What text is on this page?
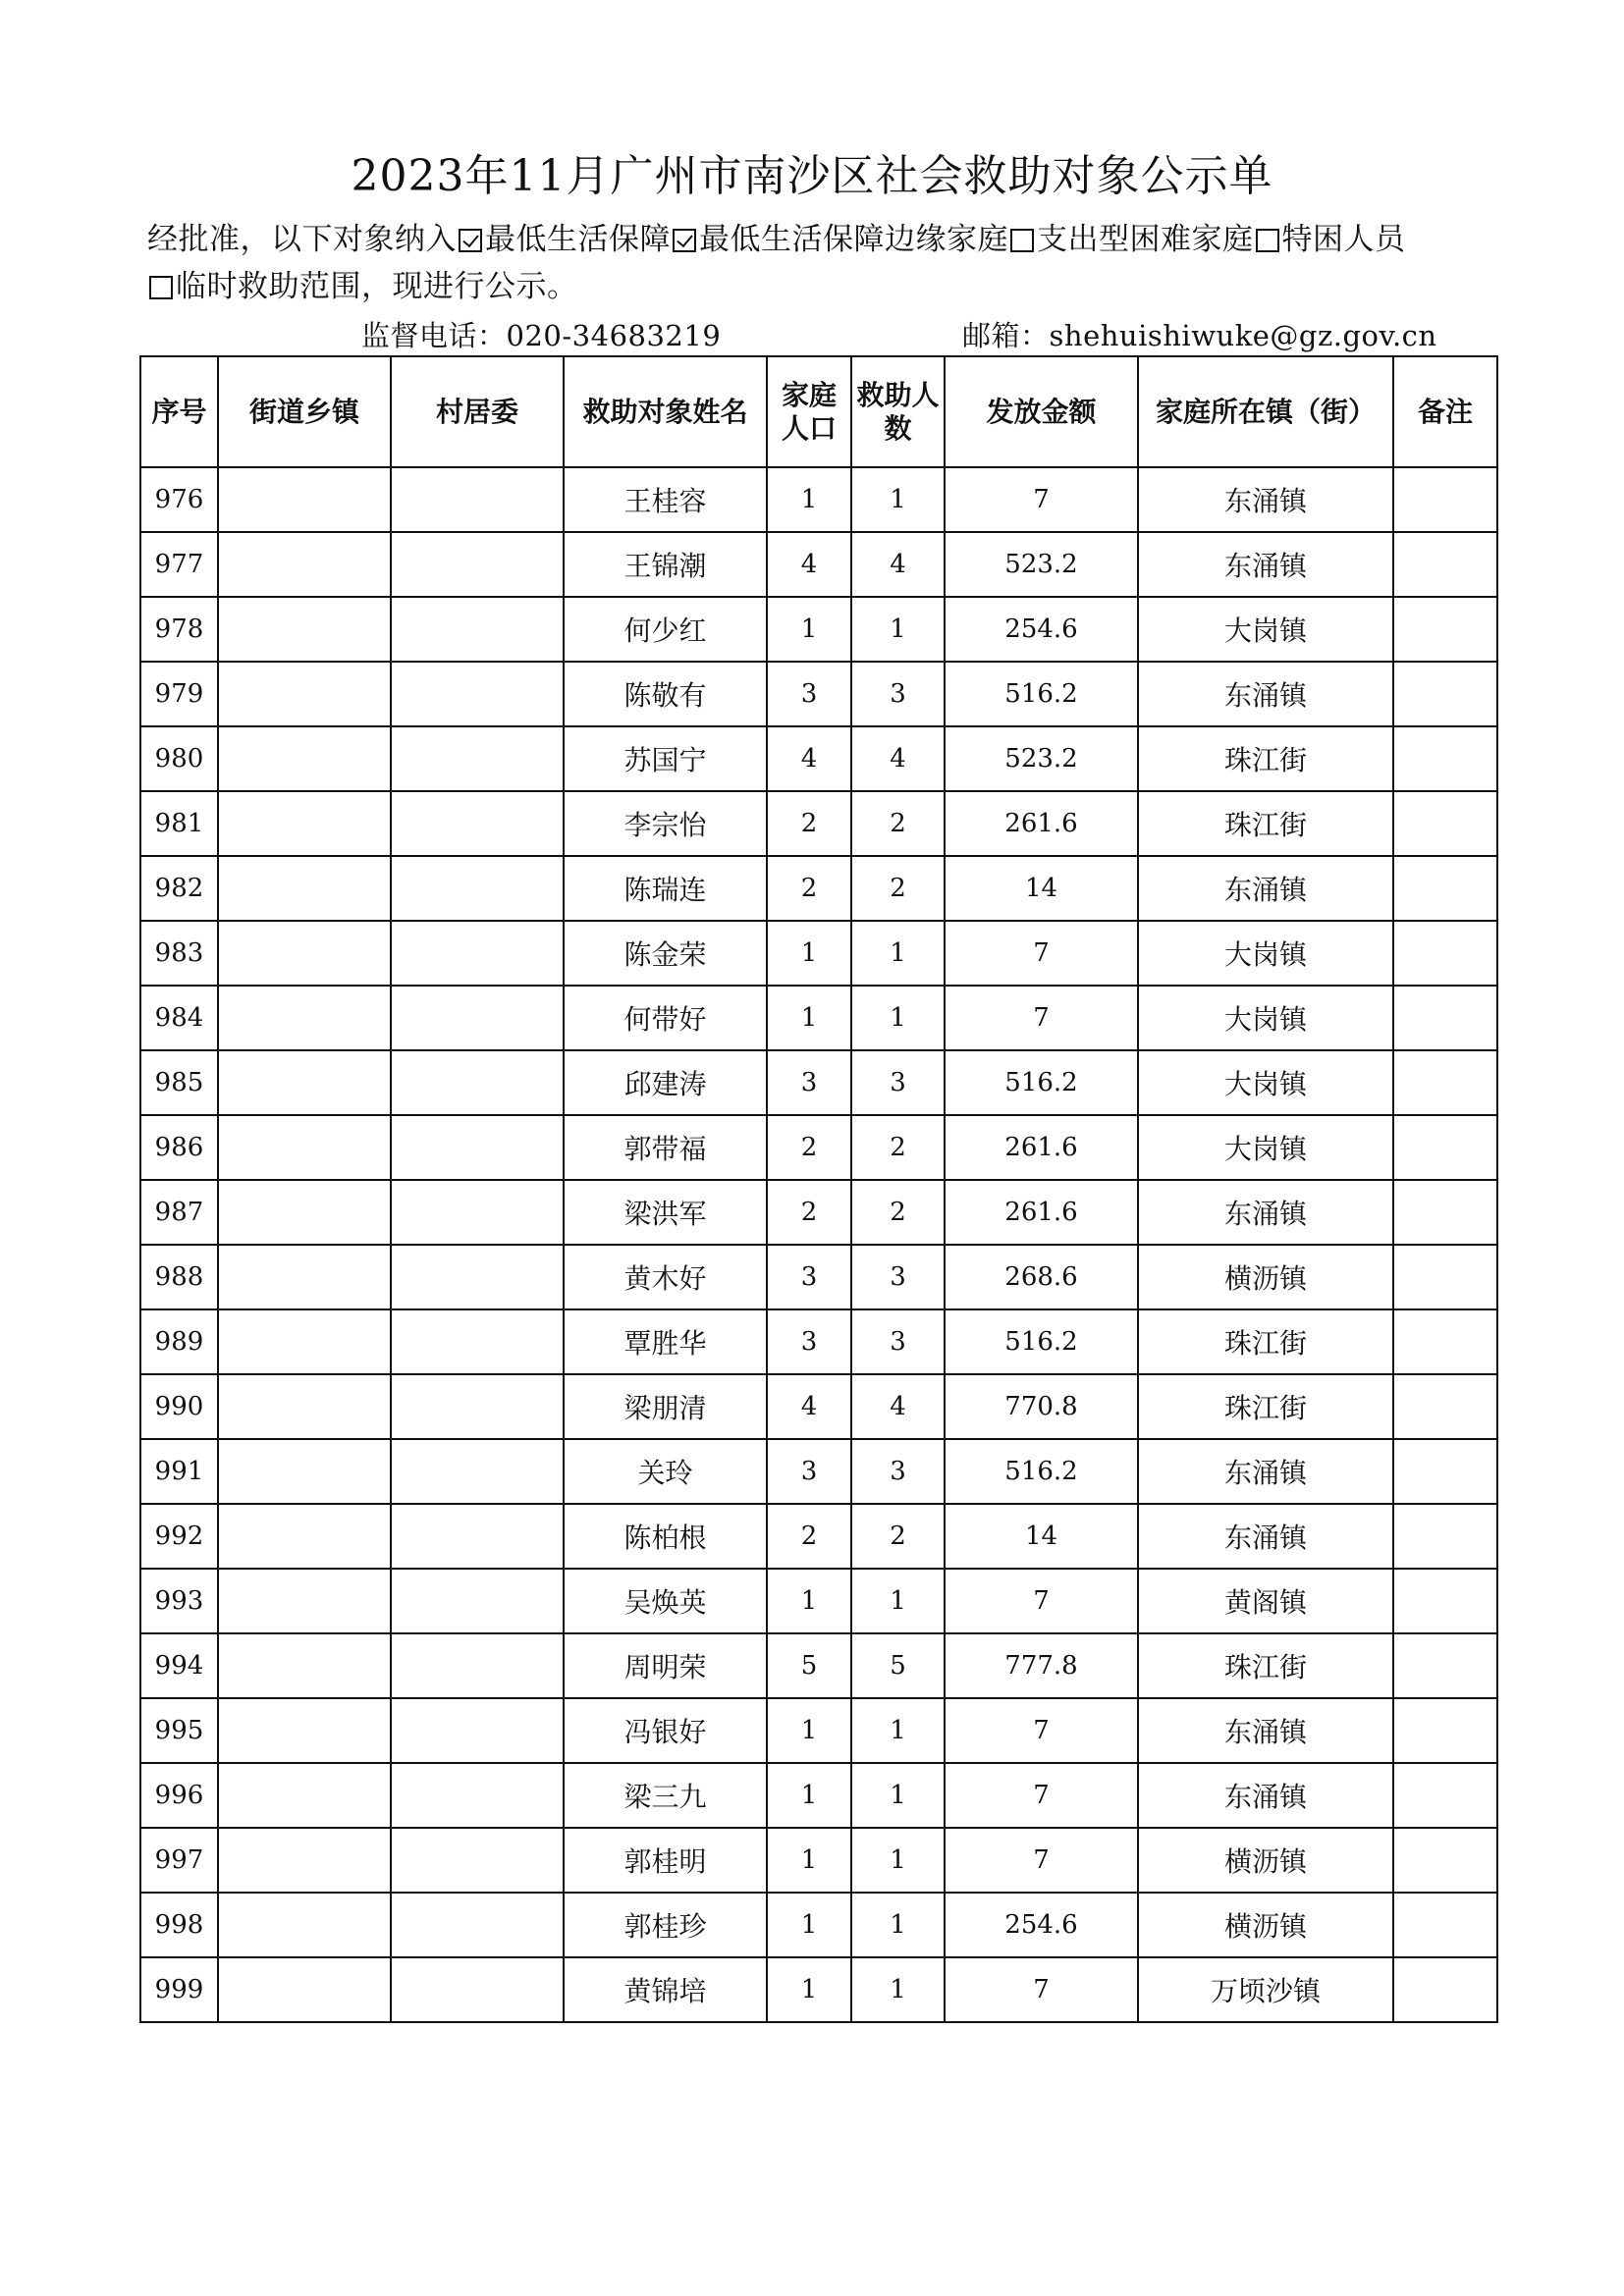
2023年11月广州市南沙区社会救助对象公示单
经批准，以下对象纳入 最低生活保障 最低生活保障边缘家庭 支出型困难家庭 特困人员
临时救助范围，现进行公示。
监督电话：020-34683219	邮箱：shehuishiwuke@gz.gov.cn
序号	街道乡镇	村居委	救助对象姓名	家庭人口	救助人数	发放金额	家庭所在镇（街）	备注
976			王桂容	1	1	7	东涌镇	
977			王锦潮	4	4	523.2	东涌镇	
978			何少红	1	1	254.6	大岗镇	
979			陈敬有	3	3	516.2	东涌镇	
980			苏国宁	4	4	523.2	珠江街	
981			李宗怡	2	2	261.6	珠江街	
982			陈瑞连	2	2	14	东涌镇	
983			陈金荣	1	1	7	大岗镇	
984			何带好	1	1	7	大岗镇	
985			邱建涛	3	3	516.2	大岗镇	
986			郭带福	2	2	261.6	大岗镇	
987			梁洪军	2	2	261.6	东涌镇	
988			黄木好	3	3	268.6	横沥镇	
989			覃胜华	3	3	516.2	珠江街	
990			梁朋清	4	4	770.8	珠江街	
991			关玲	3	3	516.2	东涌镇	
992			陈柏根	2	2	14	东涌镇	
993			吴焕英	1	1	7	黄阁镇	
994			周明荣	5	5	777.8	珠江街	
995			冯银好	1	1	7	东涌镇	
996			梁三九	1	1	7	东涌镇	
997			郭桂明	1	1	7	横沥镇	
998			郭桂珍	1	1	254.6	横沥镇	
999			黄锦培	1	1	7	万顷沙镇	
